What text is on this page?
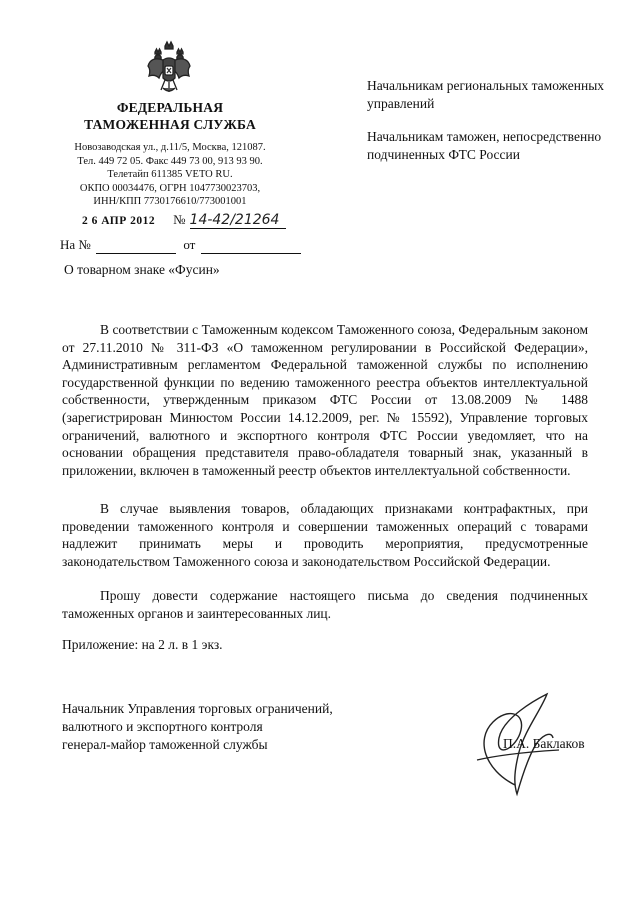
ФЕДЕРАЛЬНАЯ
ТАМОЖЕННАЯ СЛУЖБА
Новозаводская ул., д.11/5, Москва, 121087.
Тел. 449 72 05. Факс 449 73 00, 913 93 90.
Телетайп 611385 VETO RU.
ОКПО 00034476, ОГРН 1047730023703,
ИНН/КПП 7730176610/773001001
2 6 АПР 2012 № 14-42/21264
На №	от
Начальникам региональных таможенных управлений
Начальникам таможен, непосредственно подчиненных ФТС России
О товарном знаке «Фусин»
В соответствии с Таможенным кодексом Таможенного союза, Федеральным законом от 27.11.2010 № 311-ФЗ «О таможенном регулировании в Российской Федерации», Административным регламентом Федеральной таможенной службы по исполнению государственной функции по ведению таможенного реестра объектов интеллектуальной собственности, утвержденным приказом ФТС России от 13.08.2009 № 1488 (зарегистрирован Минюстом России 14.12.2009, рег. № 15592), Управление торговых ограничений, валютного и экспортного контроля ФТС России уведомляет, что на основании обращения представителя право-обладателя товарный знак, указанный в приложении, включен в таможенный реестр объектов интеллектуальной собственности.
В случае выявления товаров, обладающих признаками контрафактных, при проведении таможенного контроля и совершении таможенных операций с товарами надлежит принимать меры и проводить мероприятия, предусмотренные законодательством Таможенного союза и законодательством Российской Федерации.
Прошу довести содержание настоящего письма до сведения подчиненных таможенных органов и заинтересованных лиц.
Приложение: на 2 л. в 1 экз.
Начальник Управления торговых ограничений,
валютного и экспортного контроля
генерал-майор таможенной службы	П.А. Баклаков
